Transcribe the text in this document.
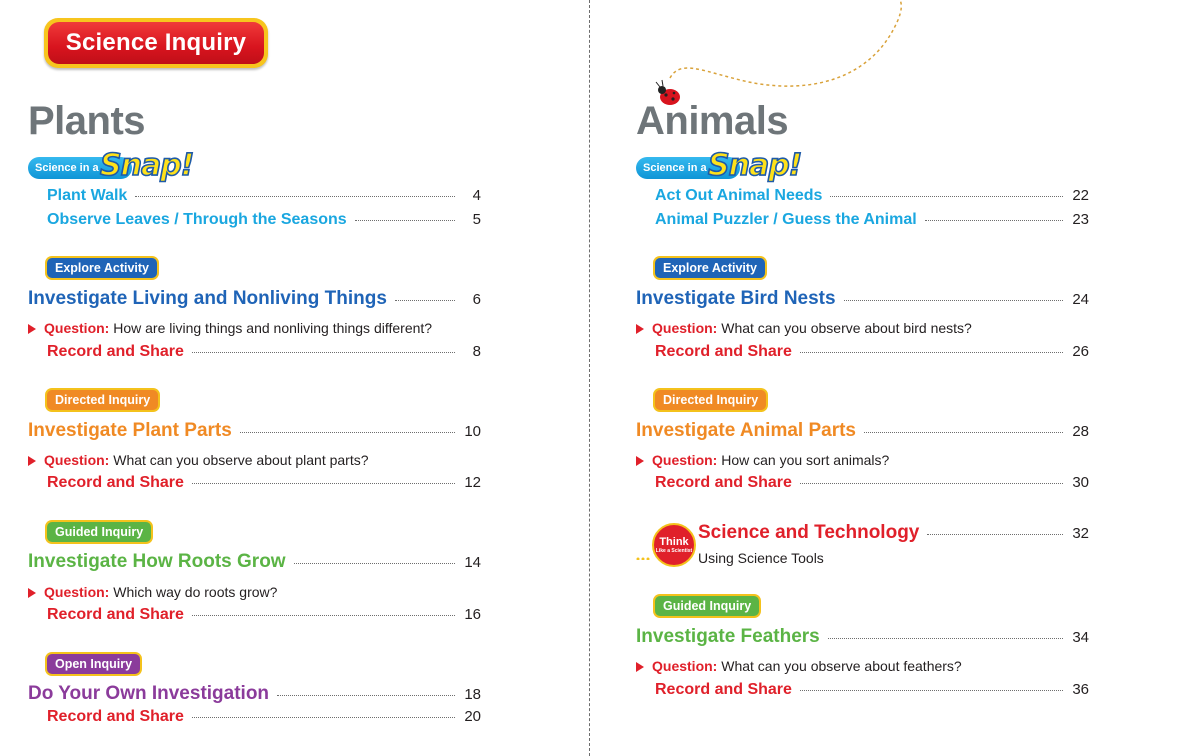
Science Inquiry
Plants
Science in a Snap!
Plant Walk	4
Observe Leaves / Through the Seasons	5
Explore Activity
Investigate Living and Nonliving Things	6
Question: How are living things and nonliving things different?
Record and Share	8
Directed Inquiry
Investigate Plant Parts	10
Question: What can you observe about plant parts?
Record and Share	12
Guided Inquiry
Investigate How Roots Grow	14
Question: Which way do roots grow?
Record and Share	16
Open Inquiry
Do Your Own Investigation	18
Record and Share	20
Animals
Science in a Snap!
Act Out Animal Needs	22
Animal Puzzler / Guess the Animal	23
Explore Activity
Investigate Bird Nests	24
Question: What can you observe about bird nests?
Record and Share	26
Directed Inquiry
Investigate Animal Parts	28
Question: How can you sort animals?
Record and Share	30
Think
Like a Scientist
Science and Technology	32
Using Science Tools
Guided Inquiry
Investigate Feathers	34
Question: What can you observe about feathers?
Record and Share	36
